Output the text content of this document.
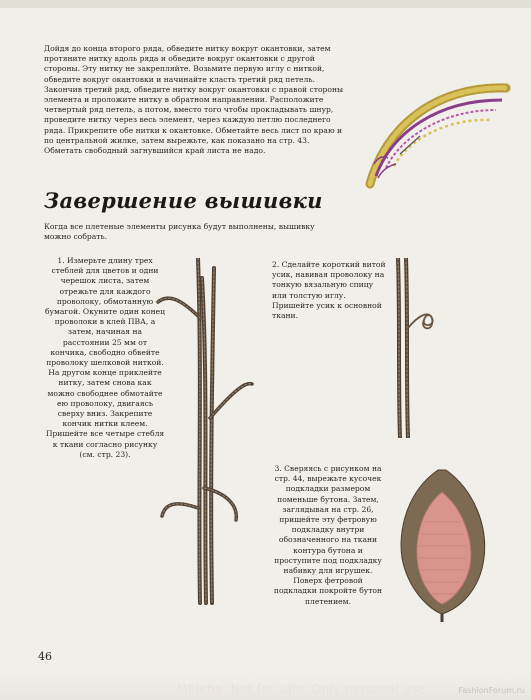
Дойдя до конца второго ряда, обведите нитку вокруг окантовки, затем протяните нитку вдоль ряда и обведите вокруг окантовки с другой стороны. Эту нитку не закрепляйте. Возьмите первую иглу с ниткой, обведите вокруг окантовки и начинайте класть третий ряд петель. Закончив третий ряд, обведите нитку вокруг окантовки с правой стороны элемента и проложите нитку в обратном направлении. Расположите четвертый ряд петель, а потом, вместо того чтобы прокладывать шнур, проведите нитку через весь элемент, через каждую петлю последнего ряда. Прикрепите обе нитки к окантовке. Обметайте весь лист по краю и по центральной жилке, затем вырежьте, как показано на стр. 43. Обметать свободный загнувшийся край листа не надо.

Завершение вышивки

Когда все плетеные элементы рисунка будут выполнены, вышивку можно собрать.

1. Измерьте длину трех стеблей для цветов и одни черешок листа, затем отрежьте для каждого проволоку, обмотанную бумагой. Окуните один конец проволоки в клей ПВА, а затем, начиная на расстоянии 25 мм от кончика, свободно обвейте проволоку шелковой ниткой. На другом конце приклейте нитку, затем снова как можно свободнее обмотайте ею проволоку, двигаясь сверху вниз. Закрепите кончик нитки клеем. Пришейте все четыре стебля к ткани согласно рисунку (см. стр. 23).

2. Сделайте короткий витой усик, навивая проволоку на тонкую вязальную спицу или толстую иглу. Пришейте усик к основной ткани.

3. Сверяясь с рисунком на стр. 44, вырежьте кусочек подкладки размером поменьше бутона. Затем, заглядывая на стр. 26, пришейте эту фетровую подкладку внутри обозначенного на ткани контура бутона и проступите под подкладку набивку для игрушек. Поверх фетровой подкладки покройте бутон плетением.

46
MElena. Not for sale. Only personal use.	FashionForum.ru
